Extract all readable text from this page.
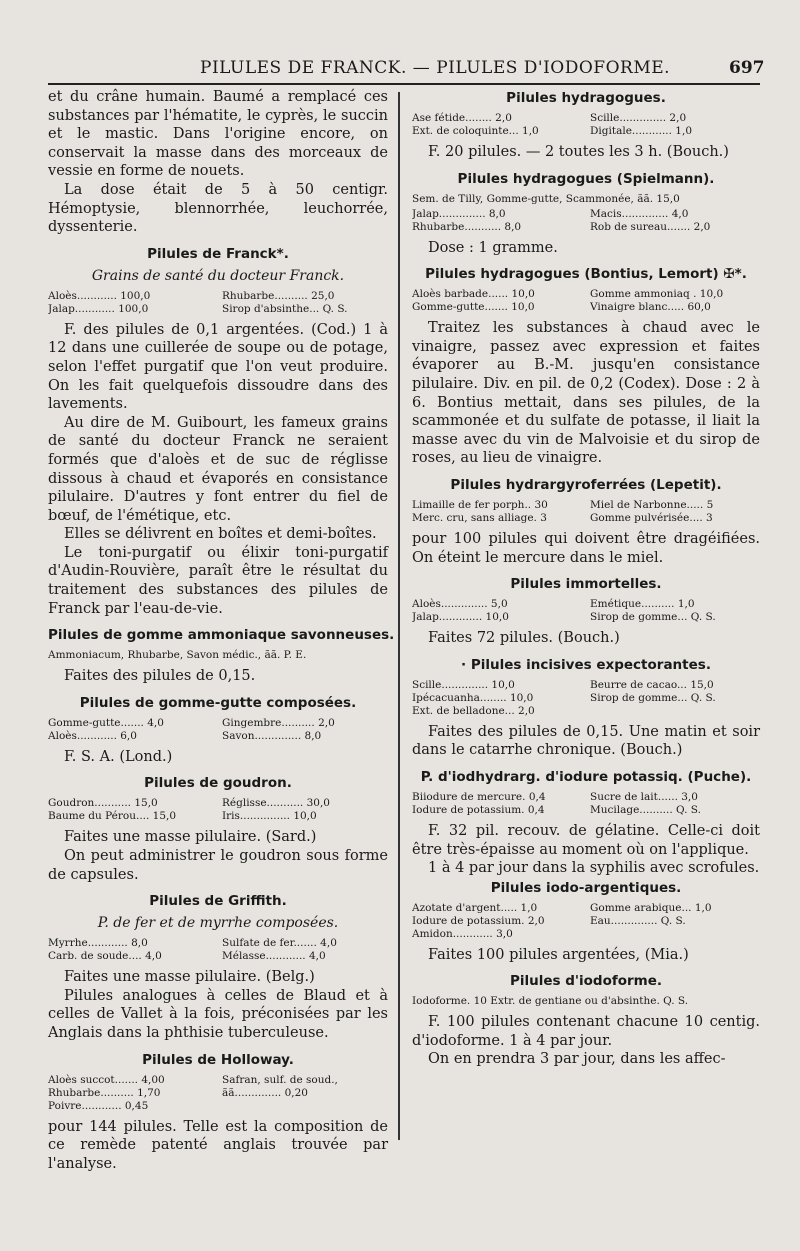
PILULES DE FRANCK. — PILULES D'IODOFORME.	697

et du crâne humain. Baumé a remplacé ces substances par l'hématite, le cyprès, le succin et le mastic. Dans l'origine encore, on conservait la masse dans des morceaux de vessie en forme de nouets.

La dose était de 5 à 50 centigr. Hémoptysie, blennorrhée, leuchorrée, dyssenterie.

Pilules de Franck*.
Grains de santé du docteur Franck.
Aloès............ 100,0	Rhubarbe.......... 25,0
Jalap............ 100,0	Sirop d'absinthe... Q. S.

F. des pilules de 0,1 argentées. (Cod.) 1 à 12 dans une cuillerée de soupe ou de potage, selon l'effet purgatif que l'on veut produire. On les fait quelquefois dissoudre dans des lavements.

Au dire de M. Guibourt, les fameux grains de santé du docteur Franck ne seraient formés que d'aloès et de suc de réglisse dissous à chaud et évaporés en consistance pilulaire. D'autres y font entrer du fiel de bœuf, de l'émétique, etc.

Elles se délivrent en boîtes et demi-boîtes.

Le toni-purgatif ou élixir toni-purgatif d'Audin-Rouvière, paraît être le résultat du traitement des substances des pilules de Franck par l'eau-de-vie.

Pilules de gomme ammoniaque savonneuses.
Ammoniacum, Rhubarbe, Savon médic., ãã. P. E.

Faites des pilules de 0,15.

Pilules de gomme-gutte composées.
Gomme-gutte....... 4,0	Gingembre.......... 2,0
Aloès............ 6,0	Savon.............. 8,0

F. S. A. (Lond.)

Pilules de goudron.
Goudron........... 15,0	Réglisse........... 30,0
Baume du Pérou.... 15,0	Iris............... 10,0

Faites une masse pilulaire. (Sard.)

On peut administrer le goudron sous forme de capsules.

Pilules de Griffith.
P. de fer et de myrrhe composées.
Myrrhe............ 8,0	Sulfate de fer....... 4,0
Carb. de soude.... 4,0	Mélasse............ 4,0

Faites une masse pilulaire. (Belg.)

Pilules analogues à celles de Blaud et à celles de Vallet à la fois, préconisées par les Anglais dans la phthisie tuberculeuse.

Pilules de Holloway.
Aloès succot....... 4,00	Safran, sulf. de soud.,
Rhubarbe.......... 1,70	ãã.............. 0,20
Poivre............ 0,45

pour 144 pilules. Telle est la composition de ce remède patenté anglais trouvée par l'analyse.

Pilules hydragogues.
Ase fétide........ 2,0	Scille.............. 2,0
Ext. de coloquinte... 1,0	Digitale............ 1,0

F. 20 pilules. — 2 toutes les 3 h. (Bouch.)

Pilules hydragogues (Spielmann).
Sem. de Tilly, Gomme-gutte, Scammonée, ãã. 15,0
Jalap.............. 8,0	Macis.............. 4,0
Rhubarbe........... 8,0	Rob de sureau....... 2,0

Dose : 1 gramme.

Pilules hydragogues (Bontius, Lemort) ✠*.
Aloès barbade...... 10,0	Gomme ammoniaq . 10,0
Gomme-gutte....... 10,0	Vinaigre blanc..... 60,0

Traitez les substances à chaud avec le vinaigre, passez avec expression et faites évaporer au B.-M. jusqu'en consistance pilulaire. Div. en pil. de 0,2 (Codex). Dose : 2 à 6. Bontius mettait, dans ses pilules, de la scammonée et du sulfate de potasse, il liait la masse avec du vin de Malvoisie et du sirop de roses, au lieu de vinaigre.

Pilules hydrargyroferrées (Lepetit).
Limaille de fer porph.. 30	Miel de Narbonne..... 5
Merc. cru, sans alliage. 3	Gomme pulvérisée.... 3

pour 100 pilules qui doivent être dragéifiées. On éteint le mercure dans le miel.

Pilules immortelles.
Aloès.............. 5,0	Emétique.......... 1,0
Jalap............. 10,0	Sirop de gomme... Q. S.

Faites 72 pilules. (Bouch.)

· Pilules incisives expectorantes.
Scille.............. 10,0	Beurre de cacao... 15,0
Ipécacuanha........ 10,0	Sirop de gomme... Q. S.
Ext. de belladone... 2,0

Faites des pilules de 0,15. Une matin et soir dans le catarrhe chronique. (Bouch.)

P. d'iodhydrarg. d'iodure potassiq. (Puche).
Biiodure de mercure. 0,4	Sucre de lait...... 3,0
Iodure de potassium. 0,4	Mucilage.......... Q. S.

F. 32 pil. recouv. de gélatine. Celle-ci doit être très-épaisse au moment où on l'applique.

1 à 4 par jour dans la syphilis avec scrofules.

Pilules iodo-argentiques.
Azotate d'argent..... 1,0	Gomme arabique... 1,0
Iodure de potassium. 2,0	Eau.............. Q. S.
Amidon............ 3,0

Faites 100 pilules argentées, (Mia.)

Pilules d'iodoforme.
Iodoforme. 10 Extr. de gentiane ou d'absinthe. Q. S.

F. 100 pilules contenant chacune 10 centig. d'iodoforme. 1 à 4 par jour.

On en prendra 3 par jour, dans les affec-
